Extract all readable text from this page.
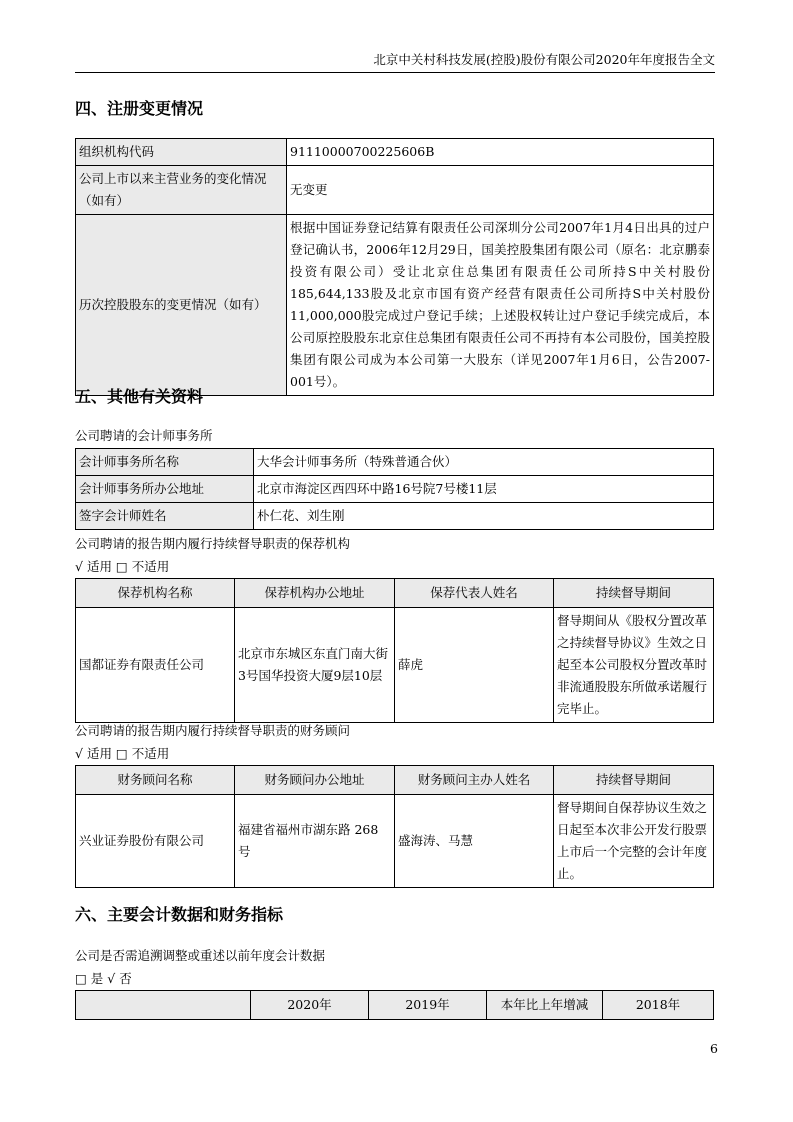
北京中关村科技发展(控股)股份有限公司2020年年度报告全文
四、注册变更情况
组织机构代码	91110000700225606B
公司上市以来主营业务的变化情况（如有）	无变更
历次控股股东的变更情况（如有）	根据中国证券登记结算有限责任公司深圳分公司2007年1月4日出具的过户登记确认书，2006年12月29日，国美控股集团有限公司（原名：北京鹏泰投资有限公司）受让北京住总集团有限责任公司所持S中关村股份185,644,133股及北京市国有资产经营有限责任公司所持S中关村股份11,000,000股完成过户登记手续；上述股权转让过户登记手续完成后，本公司原控股股东北京住总集团有限责任公司不再持有本公司股份，国美控股集团有限公司成为本公司第一大股东（详见2007年1月6日，公告2007-001号）。
五、其他有关资料
公司聘请的会计师事务所
会计师事务所名称	大华会计师事务所（特殊普通合伙）
会计师事务所办公地址	北京市海淀区西四环中路16号院7号楼11层
签字会计师姓名	朴仁花、刘生刚
公司聘请的报告期内履行持续督导职责的保荐机构
√ 适用 □ 不适用
保荐机构名称	保荐机构办公地址	保荐代表人姓名	持续督导期间
国都证券有限责任公司	北京市东城区东直门南大街3号国华投资大厦9层10层	薛虎	督导期间从《股权分置改革之持续督导协议》生效之日起至本公司股权分置改革时非流通股股东所做承诺履行完毕止。
公司聘请的报告期内履行持续督导职责的财务顾问
√ 适用 □ 不适用
财务顾问名称	财务顾问办公地址	财务顾问主办人姓名	持续督导期间
兴业证券股份有限公司	福建省福州市湖东路 268 号	盛海涛、马慧	督导期间自保荐协议生效之日起至本次非公开发行股票上市后一个完整的会计年度止。
六、主要会计数据和财务指标
公司是否需追溯调整或重述以前年度会计数据
□ 是 √ 否
	2020年	2019年	本年比上年增减	2018年
6
